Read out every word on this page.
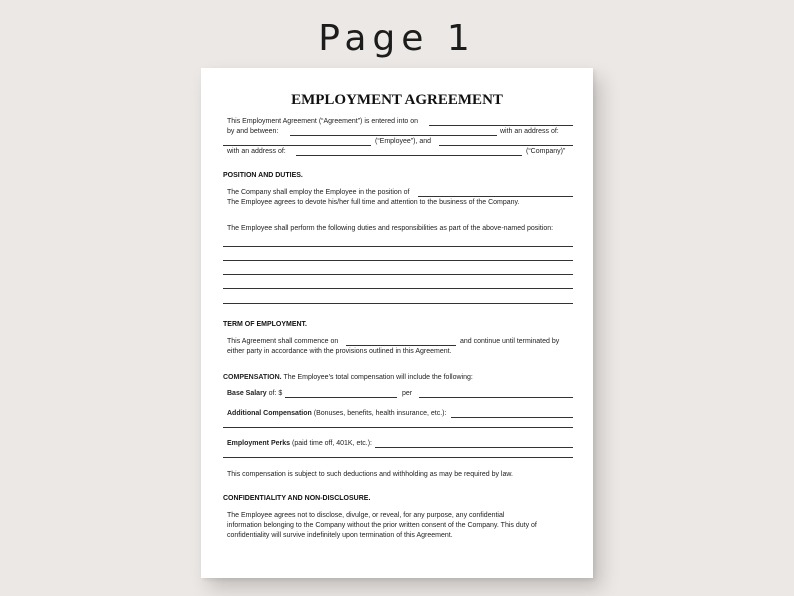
Page 1
EMPLOYMENT AGREEMENT
This Employment Agreement (“Agreement”) is entered into on
by and between:	with an address of:
(“Employee”), and
with an address of:	(“Company)”
POSITION AND DUTIES.
The Company shall employ the Employee in the position of
The Employee agrees to devote his/her full time and attention to the business of the Company.
The Employee shall perform the following duties and responsibilities as part of the above-named position:
TERM OF EMPLOYMENT.
This Agreement shall commence on	and continue until terminated by
either party in accordance with the provisions outlined in this Agreement.
COMPENSATION. The Employee’s total compensation will include the following:
Base Salary of: $	per
Additional Compensation (Bonuses, benefits, health insurance, etc.):
Employment Perks (paid time off, 401K, etc.):
This compensation is subject to such deductions and withholding as may be required by law.
CONFIDENTIALITY AND NON-DISCLOSURE.
The Employee agrees not to disclose, divulge, or reveal, for any purpose, any confidential
information belonging to the Company without the prior written consent of the Company. This duty of
confidentiality will survive indefinitely upon termination of this Agreement.
